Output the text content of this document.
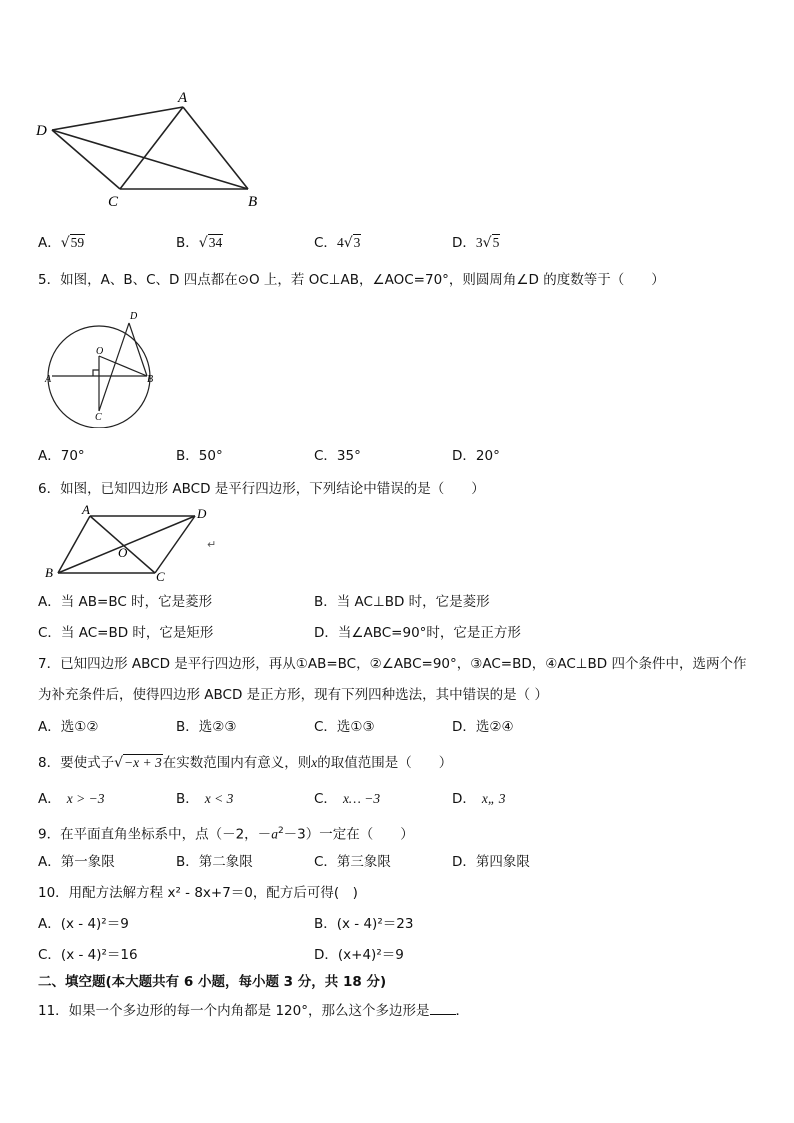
A
B
C
D
A．√59	B．√34	C．4√3	D．3√5
5．如图，A、B、C、D 四点都在⊙O 上，若 OC⊥AB，∠AOC=70°，则圆周角∠D 的度数等于（　　）
O
A	B
C
D
A．70°	B．50°	C．35°	D．20°
6．如图，已知四边形 ABCD 是平行四边形，下列结论中错误的是（　　）
A	D
B	C
O
↵
A．当 AB=BC 时，它是菱形	B．当 AC⊥BD 时，它是菱形
C．当 AC=BD 时，它是矩形	D．当∠ABC=90°时，它是正方形
7．已知四边形 ABCD 是平行四边形，再从①AB=BC，②∠ABC=90°，③AC=BD，④AC⊥BD 四个条件中，选两个作
为补充条件后，使得四边形 ABCD 是正方形，现有下列四种选法，其中错误的是（ ）
A．选①②	B．选②③	C．选①③	D．选②④
8．要使式子√−x + 3在实数范围内有意义，则x的取值范围是（　　）
A． x > −3	B． x < 3	C． x… −3	D． x„ 3
9．在平面直角坐标系中，点（－2，$-a^2-3$）一定在（　　）
A．第一象限	B．第二象限	C．第三象限	D．第四象限
10．用配方法解方程 x² - 8x+7＝0，配方后可得(　)
A．(x - 4)²＝9	B．(x - 4)²＝23
C．(x - 4)²＝16	D．(x+4)²＝9
二、填空题(本大题共有 6 小题，每小题 3 分，共 18 分)
11．如果一个多边形的每一个内角都是 120°，那么这个多边形是 ．
